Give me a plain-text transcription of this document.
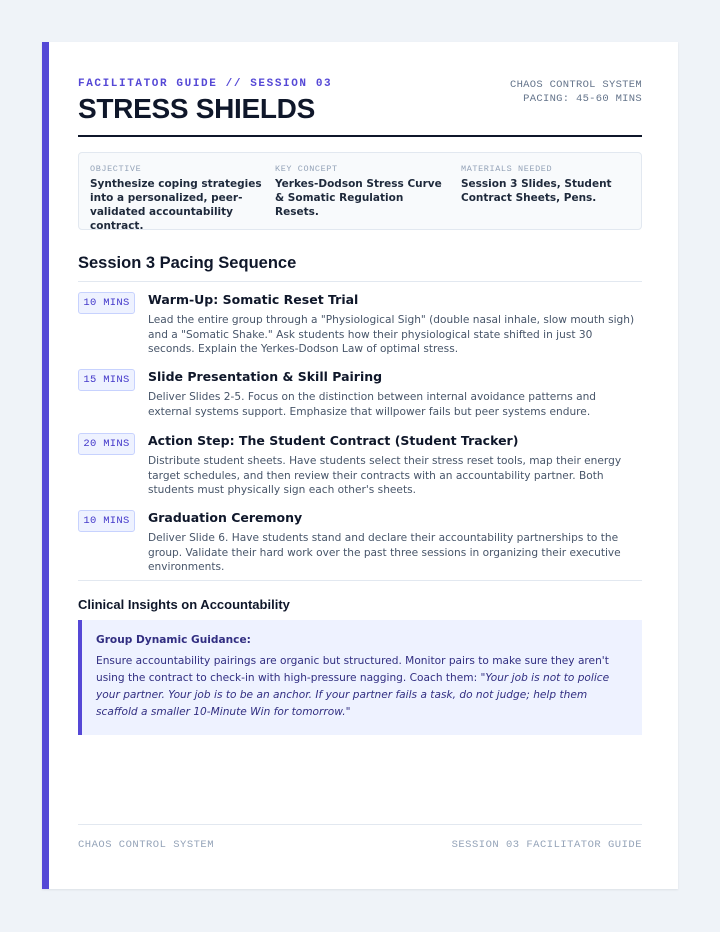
FACILITATOR GUIDE // SESSION 03
STRESS SHIELDS
CHAOS CONTROL SYSTEM
PACING: 45-60 MINS
OBJECTIVE
Synthesize coping strategies into a personalized, peer-validated accountability contract.
KEY CONCEPT
Yerkes-Dodson Stress Curve & Somatic Regulation Resets.
MATERIALS NEEDED
Session 3 Slides, Student Contract Sheets, Pens.
Session 3 Pacing Sequence
10 MINS	Warm-Up: Somatic Reset Trial
Lead the entire group through a "Physiological Sigh" (double nasal inhale, slow mouth sigh) and a "Somatic Shake." Ask students how their physiological state shifted in just 30 seconds. Explain the Yerkes-Dodson Law of optimal stress.
15 MINS	Slide Presentation & Skill Pairing
Deliver Slides 2-5. Focus on the distinction between internal avoidance patterns and external systems support. Emphasize that willpower fails but peer systems endure.
20 MINS	Action Step: The Student Contract (Student Tracker)
Distribute student sheets. Have students select their stress reset tools, map their energy target schedules, and then review their contracts with an accountability partner. Both students must physically sign each other's sheets.
10 MINS	Graduation Ceremony
Deliver Slide 6. Have students stand and declare their accountability partnerships to the group. Validate their hard work over the past three sessions in organizing their executive environments.
Clinical Insights on Accountability
Group Dynamic Guidance:
Ensure accountability pairings are organic but structured. Monitor pairs to make sure they aren't using the contract to check-in with high-pressure nagging. Coach them: "Your job is not to police your partner. Your job is to be an anchor. If your partner fails a task, do not judge; help them scaffold a smaller 10-Minute Win for tomorrow."
CHAOS CONTROL SYSTEM	SESSION 03 FACILITATOR GUIDE
